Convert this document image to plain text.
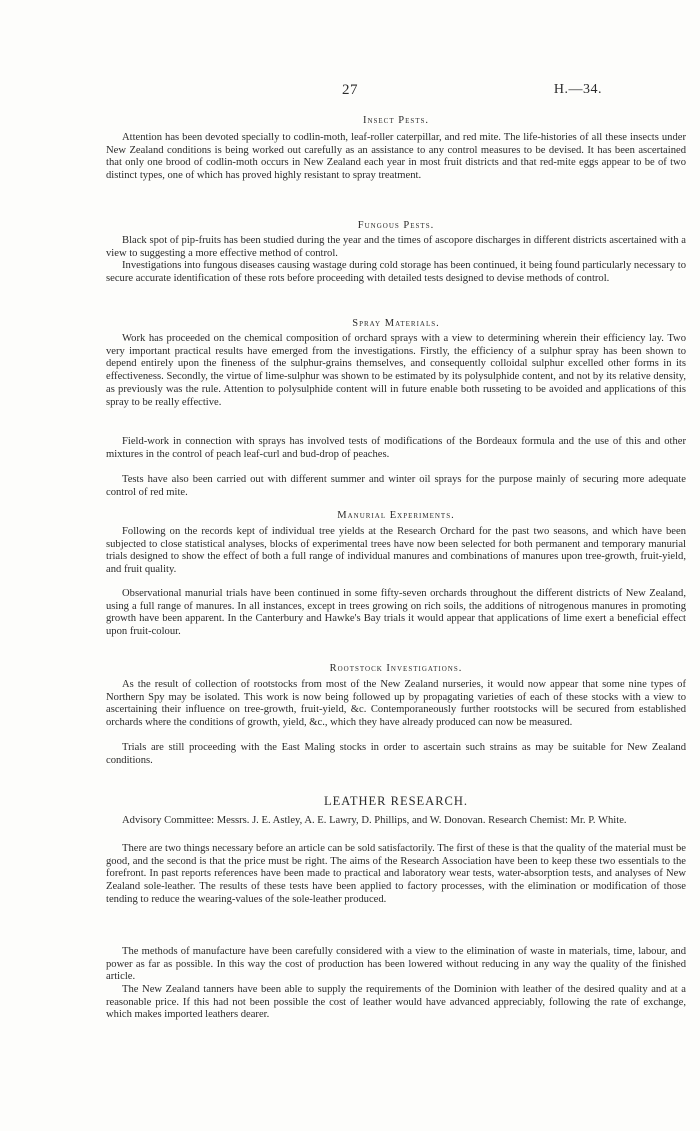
27	H.—34.
Insect Pests.

Attention has been devoted specially to codlin-moth, leaf-roller caterpillar, and red mite. The life-histories of all these insects under New Zealand conditions is being worked out carefully as an assistance to any control measures to be devised. It has been ascertained that only one brood of codlin-moth occurs in New Zealand each year in most fruit districts and that red-mite eggs appear to be of two distinct types, one of which has proved highly resistant to spray treatment.

Fungous Pests.

Black spot of pip-fruits has been studied during the year and the times of ascopore discharges in different districts ascertained with a view to suggesting a more effective method of control.

Investigations into fungous diseases causing wastage during cold storage has been continued, it being found particularly necessary to secure accurate identification of these rots before proceeding with detailed tests designed to devise methods of control.

Spray Materials.

Work has proceeded on the chemical composition of orchard sprays with a view to determining wherein their efficiency lay. Two very important practical results have emerged from the investigations. Firstly, the efficiency of a sulphur spray has been shown to depend entirely upon the fineness of the sulphur-grains themselves, and consequently colloidal sulphur excelled other forms in its effectiveness. Secondly, the virtue of lime-sulphur was shown to be estimated by its polysulphide content, and not by its relative density, as previously was the rule. Attention to polysulphide content will in future enable both russeting to be avoided and applications of this spray to be really effective.

Field-work in connection with sprays has involved tests of modifications of the Bordeaux formula and the use of this and other mixtures in the control of peach leaf-curl and bud-drop of peaches.

Tests have also been carried out with different summer and winter oil sprays for the purpose mainly of securing more adequate control of red mite.

Manurial Experiments.

Following on the records kept of individual tree yields at the Research Orchard for the past two seasons, and which have been subjected to close statistical analyses, blocks of experimental trees have now been selected for both permanent and temporary manurial trials designed to show the effect of both a full range of individual manures and combinations of manures upon tree-growth, fruit-yield, and fruit quality.

Observational manurial trials have been continued in some fifty-seven orchards throughout the different districts of New Zealand, using a full range of manures. In all instances, except in trees growing on rich soils, the additions of nitrogenous manures in promoting growth have been apparent. In the Canterbury and Hawke's Bay trials it would appear that applications of lime exert a beneficial effect upon fruit-colour.

Rootstock Investigations.

As the result of collection of rootstocks from most of the New Zealand nurseries, it would now appear that some nine types of Northern Spy may be isolated. This work is now being followed up by propagating varieties of each of these stocks with a view to ascertaining their influence on tree-growth, fruit-yield, &c. Contemporaneously further rootstocks will be secured from established orchards where the conditions of growth, yield, &c., which they have already produced can now be measured.

Trials are still proceeding with the East Maling stocks in order to ascertain such strains as may be suitable for New Zealand conditions.

LEATHER RESEARCH.

Advisory Committee: Messrs. J. E. Astley, A. E. Lawry, D. Phillips, and W. Donovan. Research Chemist: Mr. P. White.

There are two things necessary before an article can be sold satisfactorily. The first of these is that the quality of the material must be good, and the second is that the price must be right. The aims of the Research Association have been to keep these two essentials to the forefront. In past reports references have been made to practical and laboratory wear tests, water-absorption tests, and analyses of New Zealand sole-leather. The results of these tests have been applied to factory processes, with the elimination or modification of those tending to reduce the wearing-values of the sole-leather produced.

The methods of manufacture have been carefully considered with a view to the elimination of waste in materials, time, labour, and power as far as possible. In this way the cost of production has been lowered without reducing in any way the quality of the finished article.

The New Zealand tanners have been able to supply the requirements of the Dominion with leather of the desired quality and at a reasonable price. If this had not been possible the cost of leather would have advanced appreciably, following the rate of exchange, which makes imported leathers dearer.
